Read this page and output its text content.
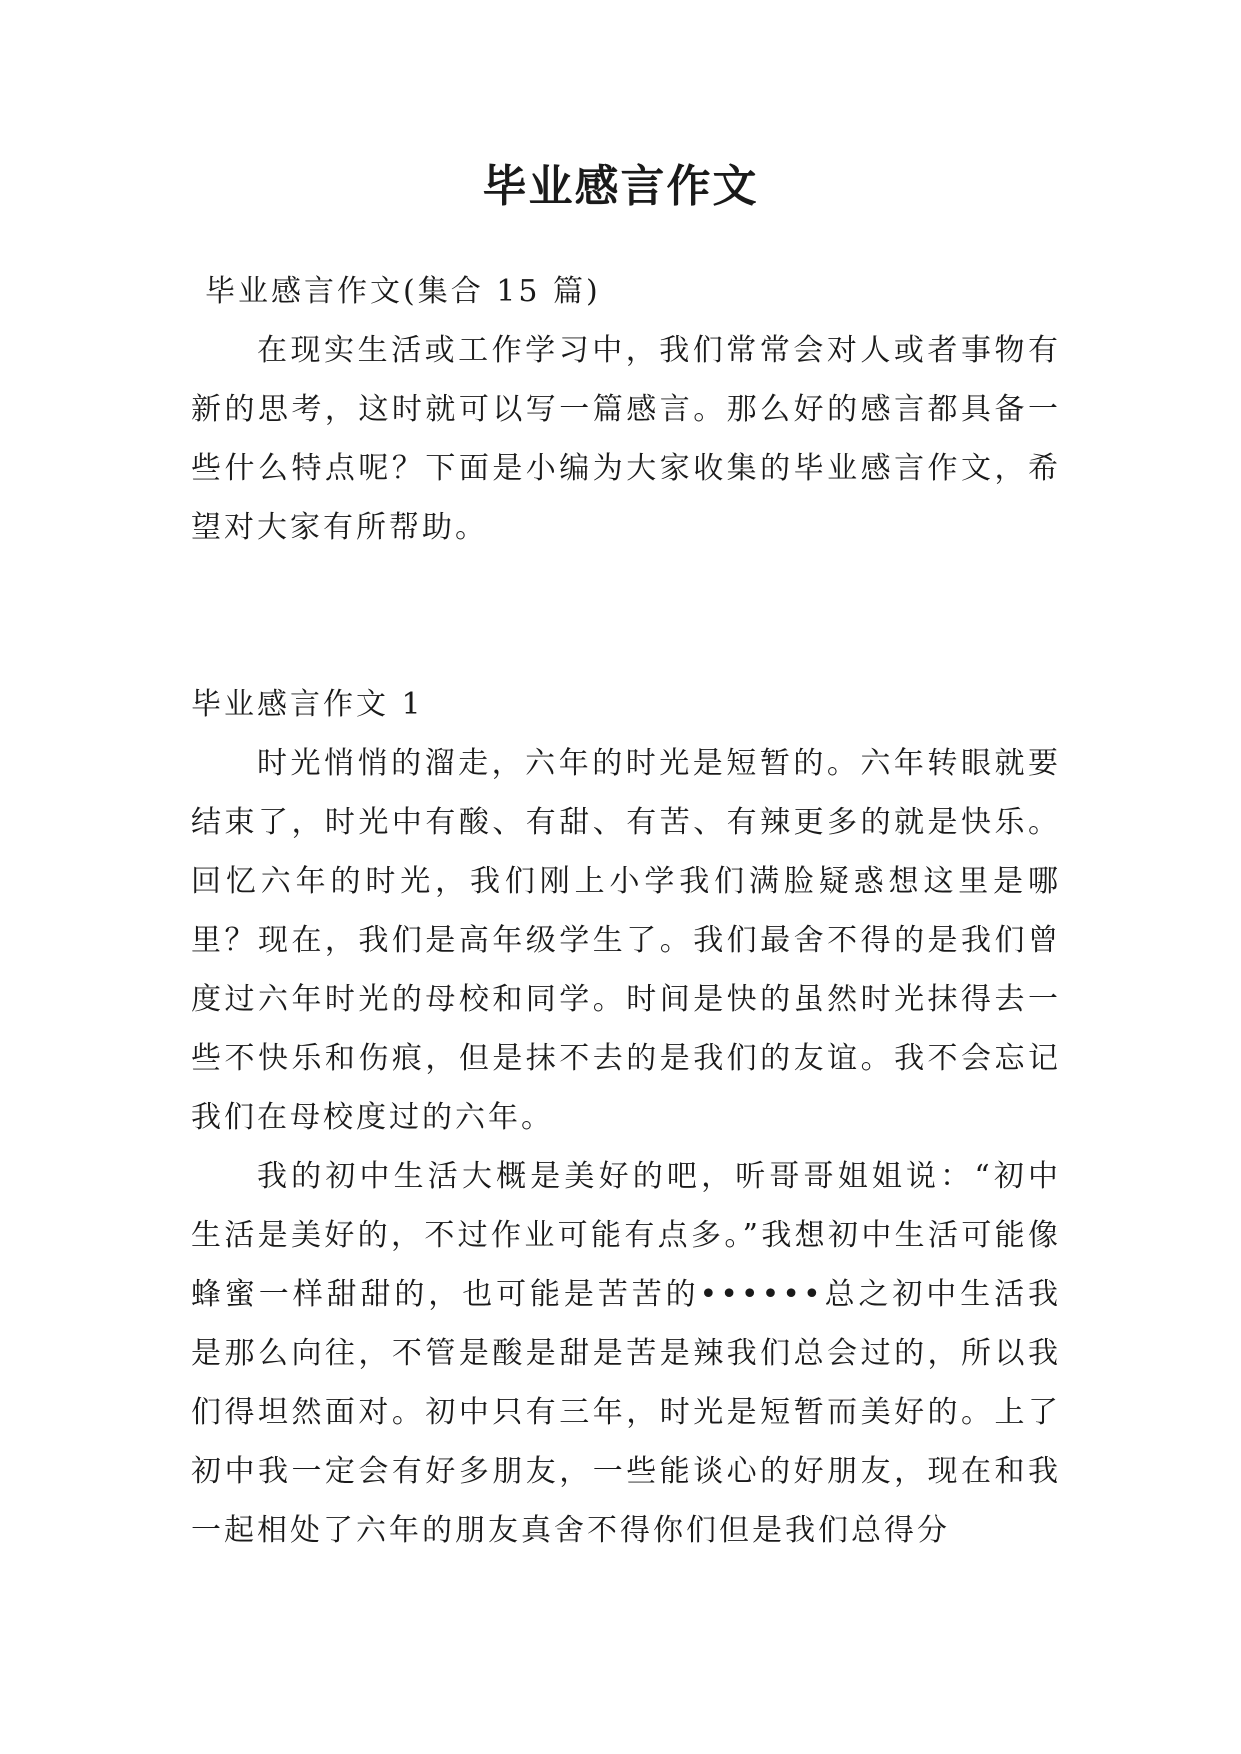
毕业感言作文

毕业感言作文(集合 15 篇)

在现实生活或工作学习中，我们常常会对人或者事物有新的思考，这时就可以写一篇感言。那么好的感言都具备一些什么特点呢？下面是小编为大家收集的毕业感言作文，希望对大家有所帮助。

毕业感言作文 1

时光悄悄的溜走，六年的时光是短暂的。六年转眼就要结束了，时光中有酸、有甜、有苦、有辣更多的就是快乐。回忆六年的时光，我们刚上小学我们满脸疑惑想这里是哪里？现在，我们是高年级学生了。我们最舍不得的是我们曾度过六年时光的母校和同学。时间是快的虽然时光抹得去一些不快乐和伤痕，但是抹不去的是我们的友谊。我不会忘记我们在母校度过的六年。

我的初中生活大概是美好的吧，听哥哥姐姐说：“初中生活是美好的，不过作业可能有点多。”我想初中生活可能像蜂蜜一样甜甜的，也可能是苦苦的••••••总之初中生活我是那么向往，不管是酸是甜是苦是辣我们总会过的，所以我们得坦然面对。初中只有三年，时光是短暂而美好的。上了初中我一定会有好多朋友，一些能谈心的好朋友，现在和我一起相处了六年的朋友真舍不得你们但是我们总得分
